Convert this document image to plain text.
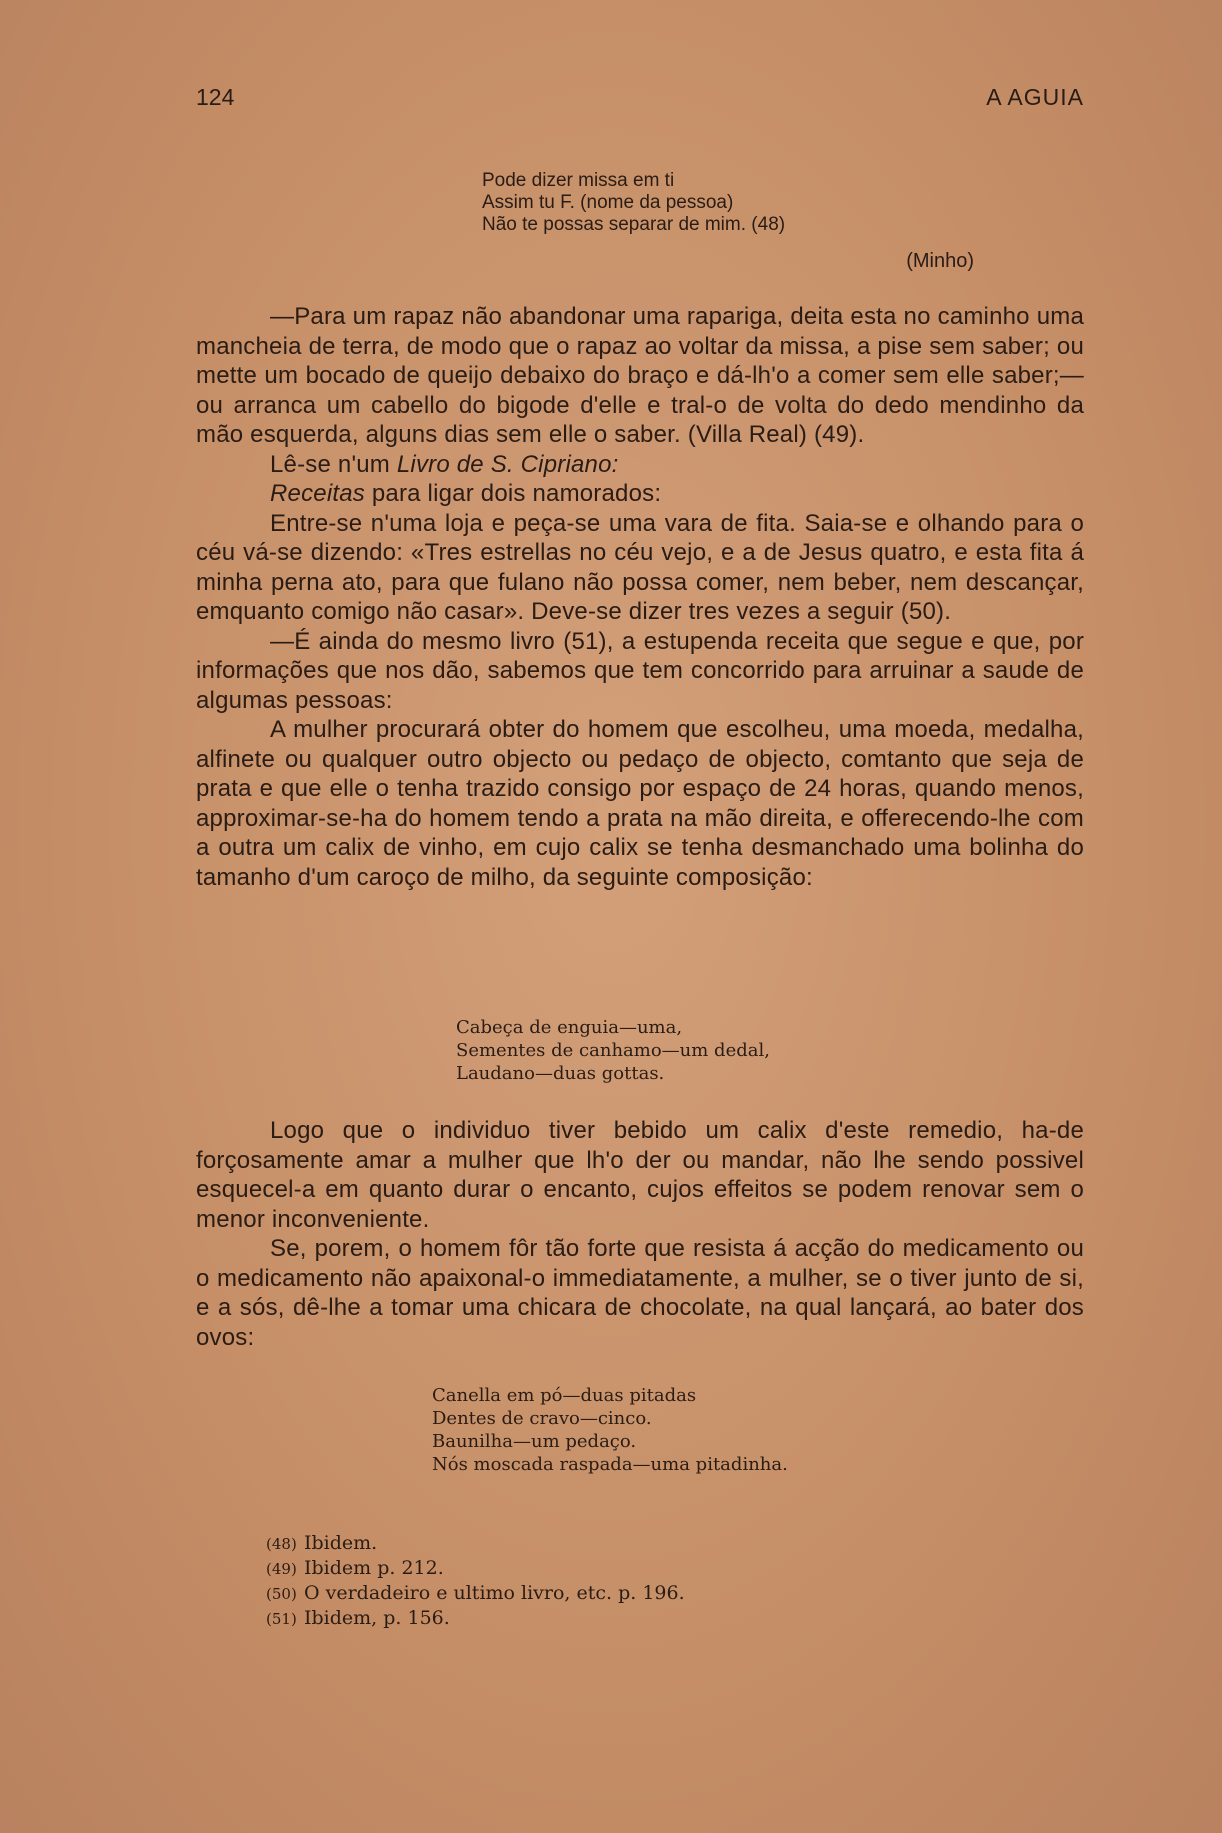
124	A AGUIA
Pode dizer missa em ti
Assim tu F. (nome da pessoa)
Não te possas separar de mim. (48)
(Minho)

—Para um rapaz não abandonar uma rapariga, deita esta no caminho uma mancheia de terra, de modo que o rapaz ao voltar da missa, a pise sem saber; ou mette um bocado de queijo debaixo do braço e dá-lh'o a comer sem elle saber;—ou arranca um cabello do bigode d'elle e tral-o de volta do dedo mendinho da mão esquerda, alguns dias sem elle o saber. (Villa Real) (49).

Lê-se n'um Livro de S. Cipriano:

Receitas para ligar dois namorados:

Entre-se n'uma loja e peça-se uma vara de fita. Saia-se e olhando para o céu vá-se dizendo: «Tres estrellas no céu vejo, e a de Jesus quatro, e esta fita á minha perna ato, para que fulano não possa comer, nem beber, nem descançar, emquanto comigo não casar». Deve-se dizer tres vezes a seguir (50).

—É ainda do mesmo livro (51), a estupenda receita que segue e que, por informações que nos dão, sabemos que tem concorrido para arruinar a saude de algumas pessoas:

A mulher procurará obter do homem que escolheu, uma moeda, medalha, alfinete ou qualquer outro objecto ou pedaço de objecto, comtanto que seja de prata e que elle o tenha trazido consigo por espaço de 24 horas, quando menos, approximar-se-ha do homem tendo a prata na mão direita, e offerecendo-lhe com a outra um calix de vinho, em cujo calix se tenha desmanchado uma bolinha do tamanho d'um caroço de milho, da seguinte composição:

Cabeça de enguia—uma,
Sementes de canhamo—um dedal,
Laudano—duas gottas.

Logo que o individuo tiver bebido um calix d'este remedio, ha-de forçosamente amar a mulher que lh'o der ou mandar, não lhe sendo possivel esquecel-a em quanto durar o encanto, cujos effeitos se podem renovar sem o menor inconveniente.

Se, porem, o homem fôr tão forte que resista á acção do medicamento ou o medicamento não apaixonal-o immediatamente, a mulher, se o tiver junto de si, e a sós, dê-lhe a tomar uma chicara de chocolate, na qual lançará, ao bater dos ovos:

Canella em pó—duas pitadas
Dentes de cravo—cinco.
Baunilha—um pedaço.
Nós moscada raspada—uma pitadinha.
(48) Ibidem.
(49) Ibidem p. 212.
(50) O verdadeiro e ultimo livro, etc. p. 196.
(51) Ibidem, p. 156.
